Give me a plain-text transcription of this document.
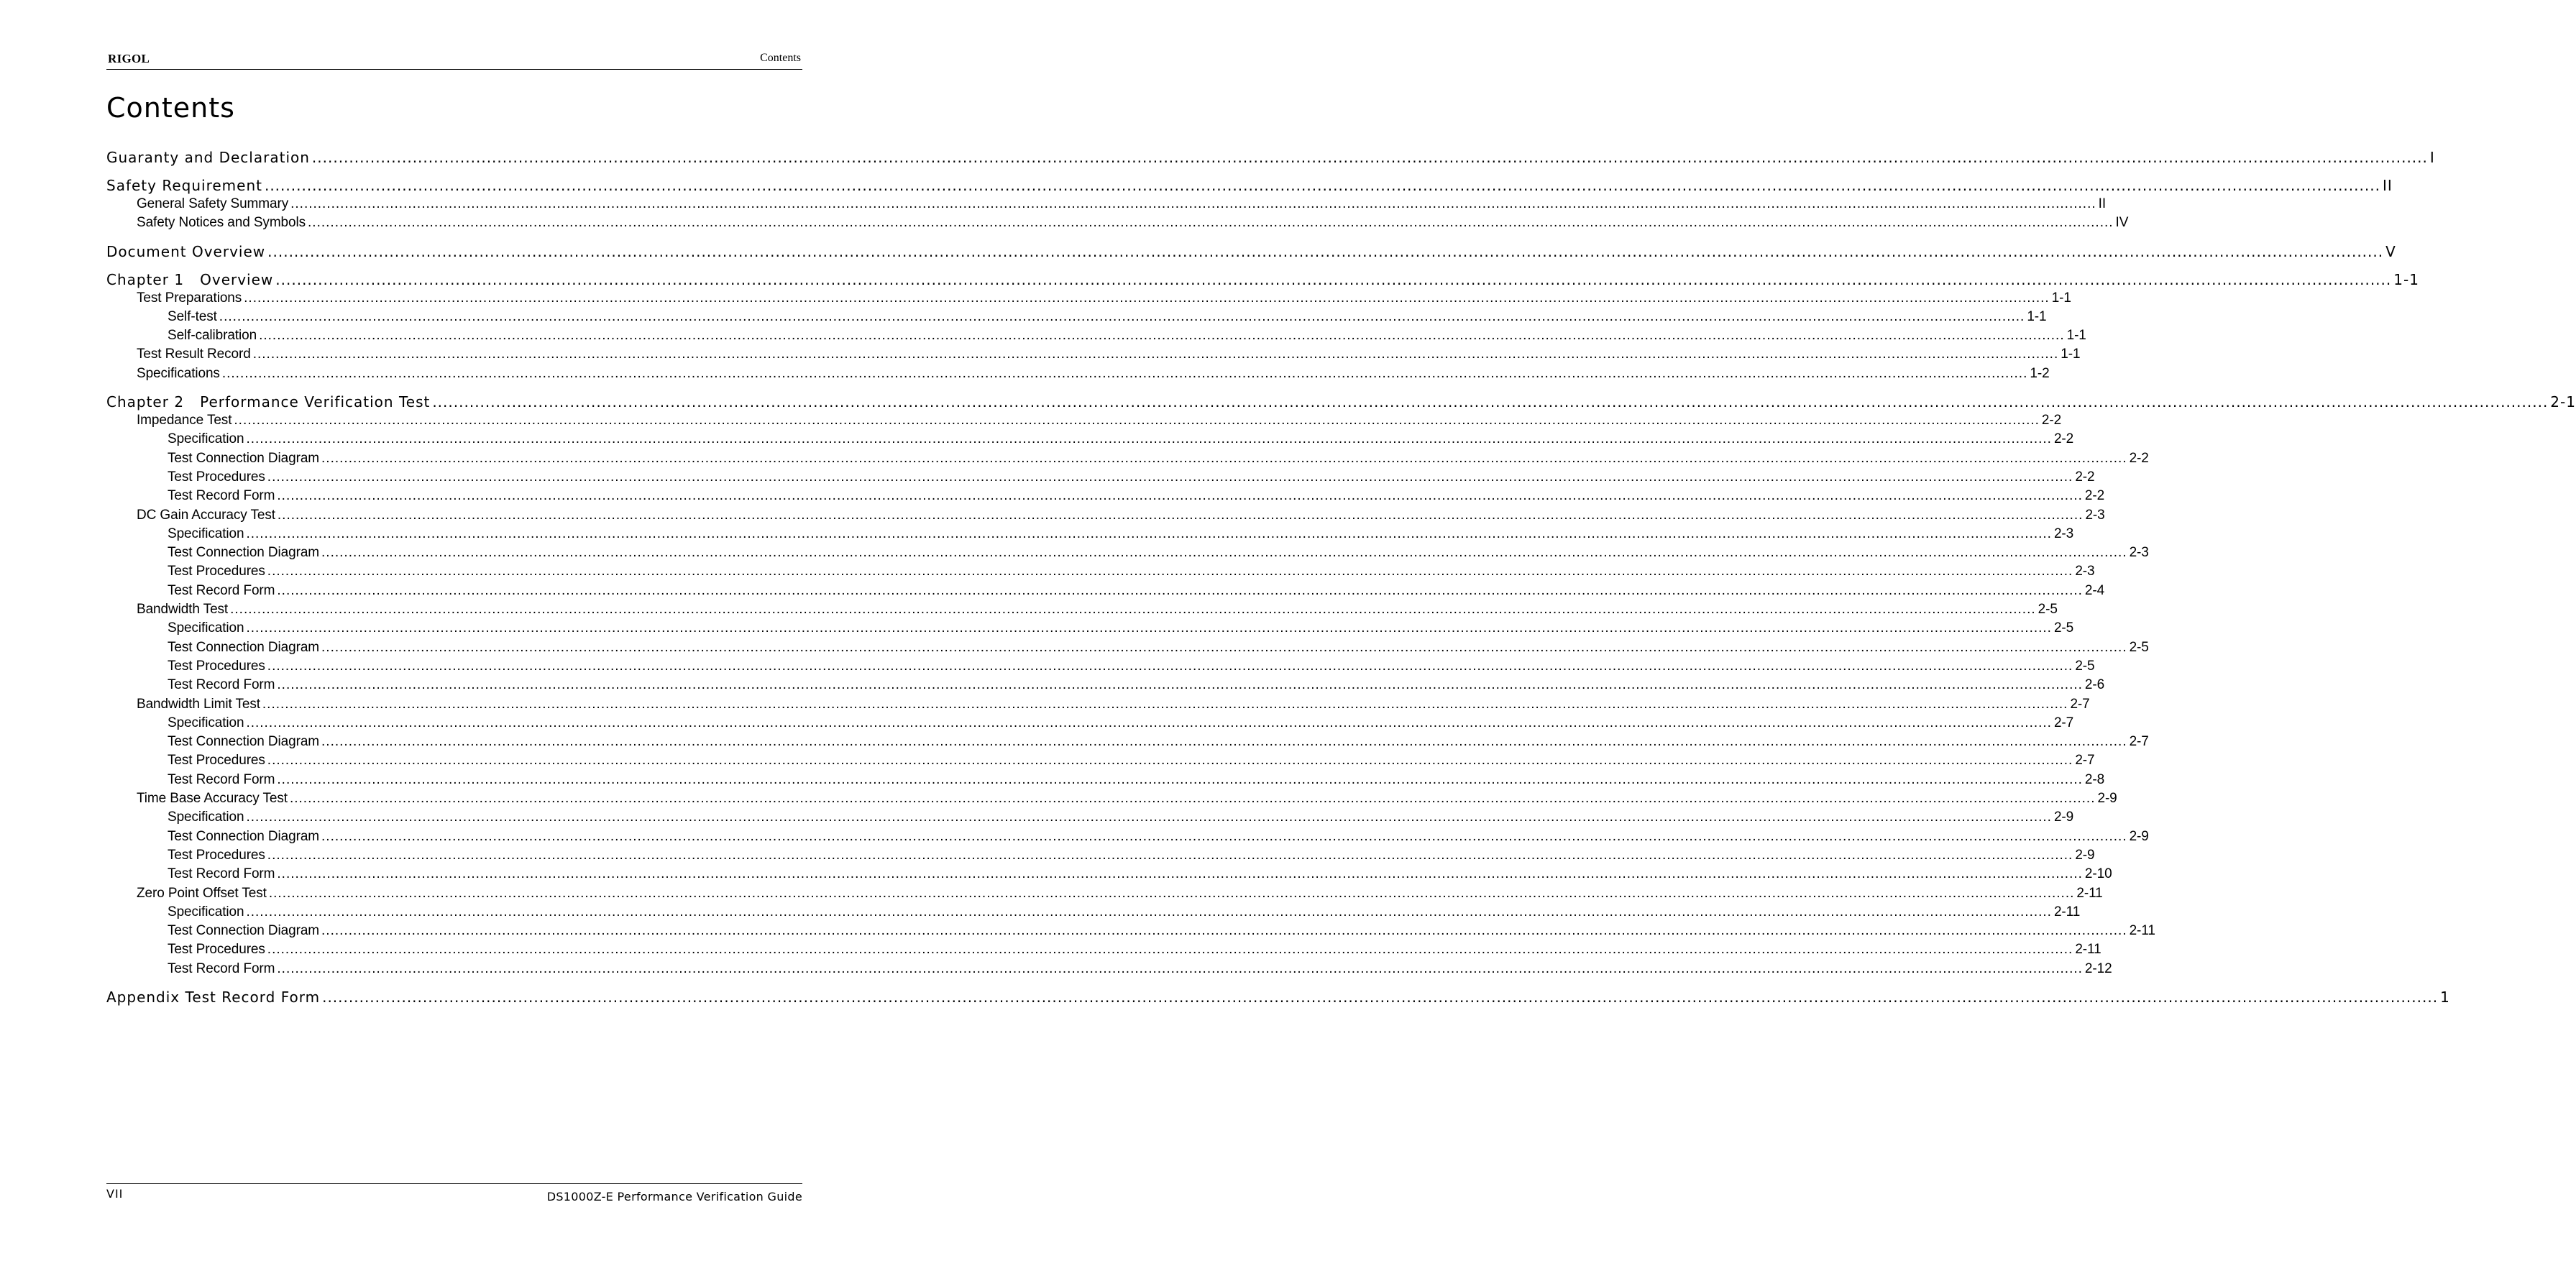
RIGOL	Contents
Contents
Guaranty and Declaration ................................................................................................................................................................................................................................................................................................................................................................................................................ I
Safety Requirement ................................................................................................................................................................................................................................................................................................................................................................................................................ II
General Safety Summary ................................................................................................................................................................................................................................................................................................................................................................................................................ II
Safety Notices and Symbols ................................................................................................................................................................................................................................................................................................................................................................................................................ IV
Document Overview ................................................................................................................................................................................................................................................................................................................................................................................................................ V
Chapter 1   Overview ................................................................................................................................................................................................................................................................................................................................................................................................................ 1-1
Test Preparations ................................................................................................................................................................................................................................................................................................................................................................................................................ 1-1
Self-test ................................................................................................................................................................................................................................................................................................................................................................................................................ 1-1
Self-calibration ................................................................................................................................................................................................................................................................................................................................................................................................................ 1-1
Test Result Record ................................................................................................................................................................................................................................................................................................................................................................................................................ 1-1
Specifications ................................................................................................................................................................................................................................................................................................................................................................................................................ 1-2
Chapter 2   Performance Verification Test ................................................................................................................................................................................................................................................................................................................................................................................................................ 2-1
Impedance Test ................................................................................................................................................................................................................................................................................................................................................................................................................ 2-2
Specification ................................................................................................................................................................................................................................................................................................................................................................................................................ 2-2
Test Connection Diagram ................................................................................................................................................................................................................................................................................................................................................................................................................ 2-2
Test Procedures ................................................................................................................................................................................................................................................................................................................................................................................................................ 2-2
Test Record Form ................................................................................................................................................................................................................................................................................................................................................................................................................ 2-2
DC Gain Accuracy Test ................................................................................................................................................................................................................................................................................................................................................................................................................ 2-3
Specification ................................................................................................................................................................................................................................................................................................................................................................................................................ 2-3
Test Connection Diagram ................................................................................................................................................................................................................................................................................................................................................................................................................ 2-3
Test Procedures ................................................................................................................................................................................................................................................................................................................................................................................................................ 2-3
Test Record Form ................................................................................................................................................................................................................................................................................................................................................................................................................ 2-4
Bandwidth Test ................................................................................................................................................................................................................................................................................................................................................................................................................ 2-5
Specification ................................................................................................................................................................................................................................................................................................................................................................................................................ 2-5
Test Connection Diagram ................................................................................................................................................................................................................................................................................................................................................................................................................ 2-5
Test Procedures ................................................................................................................................................................................................................................................................................................................................................................................................................ 2-5
Test Record Form ................................................................................................................................................................................................................................................................................................................................................................................................................ 2-6
Bandwidth Limit Test ................................................................................................................................................................................................................................................................................................................................................................................................................ 2-7
Specification ................................................................................................................................................................................................................................................................................................................................................................................................................ 2-7
Test Connection Diagram ................................................................................................................................................................................................................................................................................................................................................................................................................ 2-7
Test Procedures ................................................................................................................................................................................................................................................................................................................................................................................................................ 2-7
Test Record Form ................................................................................................................................................................................................................................................................................................................................................................................................................ 2-8
Time Base Accuracy Test ................................................................................................................................................................................................................................................................................................................................................................................................................ 2-9
Specification ................................................................................................................................................................................................................................................................................................................................................................................................................ 2-9
Test Connection Diagram ................................................................................................................................................................................................................................................................................................................................................................................................................ 2-9
Test Procedures ................................................................................................................................................................................................................................................................................................................................................................................................................ 2-9
Test Record Form ................................................................................................................................................................................................................................................................................................................................................................................................................ 2-10
Zero Point Offset Test ................................................................................................................................................................................................................................................................................................................................................................................................................ 2-11
Specification ................................................................................................................................................................................................................................................................................................................................................................................................................ 2-11
Test Connection Diagram ................................................................................................................................................................................................................................................................................................................................................................................................................ 2-11
Test Procedures ................................................................................................................................................................................................................................................................................................................................................................................................................ 2-11
Test Record Form ................................................................................................................................................................................................................................................................................................................................................................................................................ 2-12
Appendix Test Record Form ................................................................................................................................................................................................................................................................................................................................................................................................................ 1
VII	DS1000Z-E Performance Verification Guide
